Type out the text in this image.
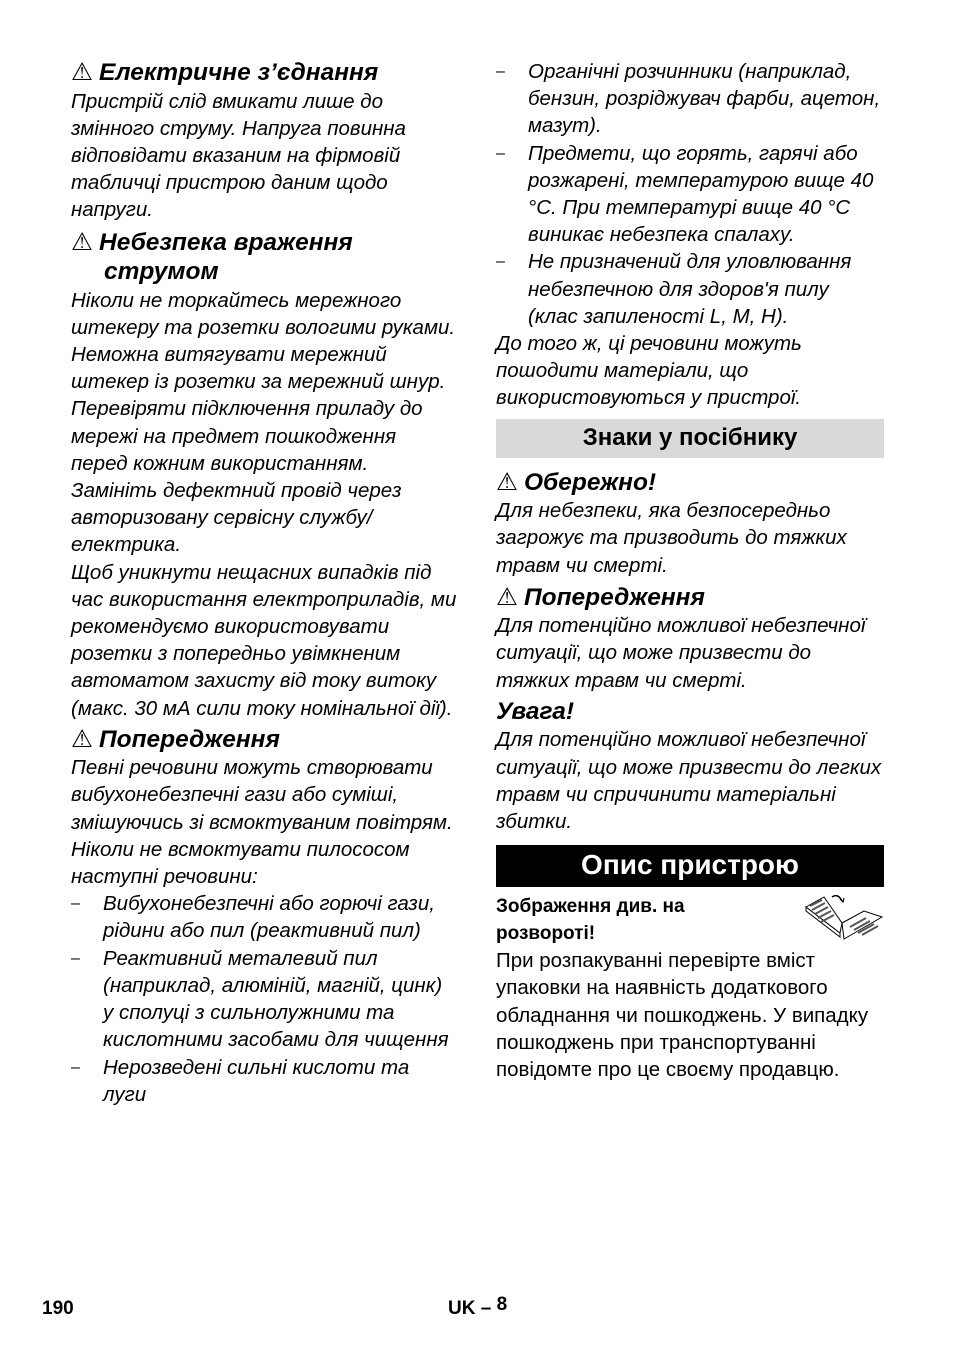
⚠ Електричне з’єднання

Пристрій слід вмикати лише до змінного струму. Напруга повинна відповідати вказаним на фірмовій табличці пристрою даним щодо напруги.

⚠ Небезпека враження
струмом

Ніколи не торкайтесь мережного штекеру та розетки вологими руками.

Неможна витягувати мережний штекер із розетки за мережний шнур.

Перевіряти підключення приладу до мережі на предмет пошкодження перед кожним використанням.

Замініть дефектний провід через авторизовану сервісну службу/ електрика.

Щоб уникнути нещасних випадків під час використання електроприладів, ми рекомендуємо використовувати розетки з попередньо увімкненим автоматом захисту від току витоку (макс. 30 мА сили току номінальної дії).

⚠ Попередження

Певні речовини можуть створювати вибухонебезпечні гази або суміші, змішуючись зі всмоктуваним повітрям.

Ніколи не всмоктувати пилососом наступні речовини:

– Вибухонебезпечні або горючі гази, рідини або пил (реактивний пил)

– Реактивний металевий пил (наприклад, алюміній, магній, цинк) у сполуці з сильнолужними та кислотними засобами для чищення

– Нерозведені сильні кислоти та луги

– Органічні розчинники (наприклад, бензин, розріджувач фарби, ацетон, мазут).

– Предмети, що горять, гарячі або розжарені, температурою вище 40 °С. При температурі вище 40 °С виникає небезпека спалаху.

– Не призначений для уловлювання небезпечною для здоров'я пилу (клас запиленості L, M, H).

До того ж, ці речовини можуть пошодити матеріали, що використовуються у пристрої.

Знаки у посібнику

⚠ Обережно!

Для небезпеки, яка безпосередньо загрожує та призводить до тяжких травм чи смерті.

⚠ Попередження

Для потенційно можливої небезпечної ситуації, що може призвести до тяжких травм чи смерті.

Увага!

Для потенційно можливої небезпечної ситуації, що може призвести до легких травм чи спричинити матеріальні збитки.

Опис пристрою

Зображення див. на розвороті!

При розпакуванні перевірте вміст упаковки на наявність додаткового обладнання чи пошкоджень. У випадку пошкоджень при транспортуванні повідомте про це своєму продавцю.

190	UK – 8
